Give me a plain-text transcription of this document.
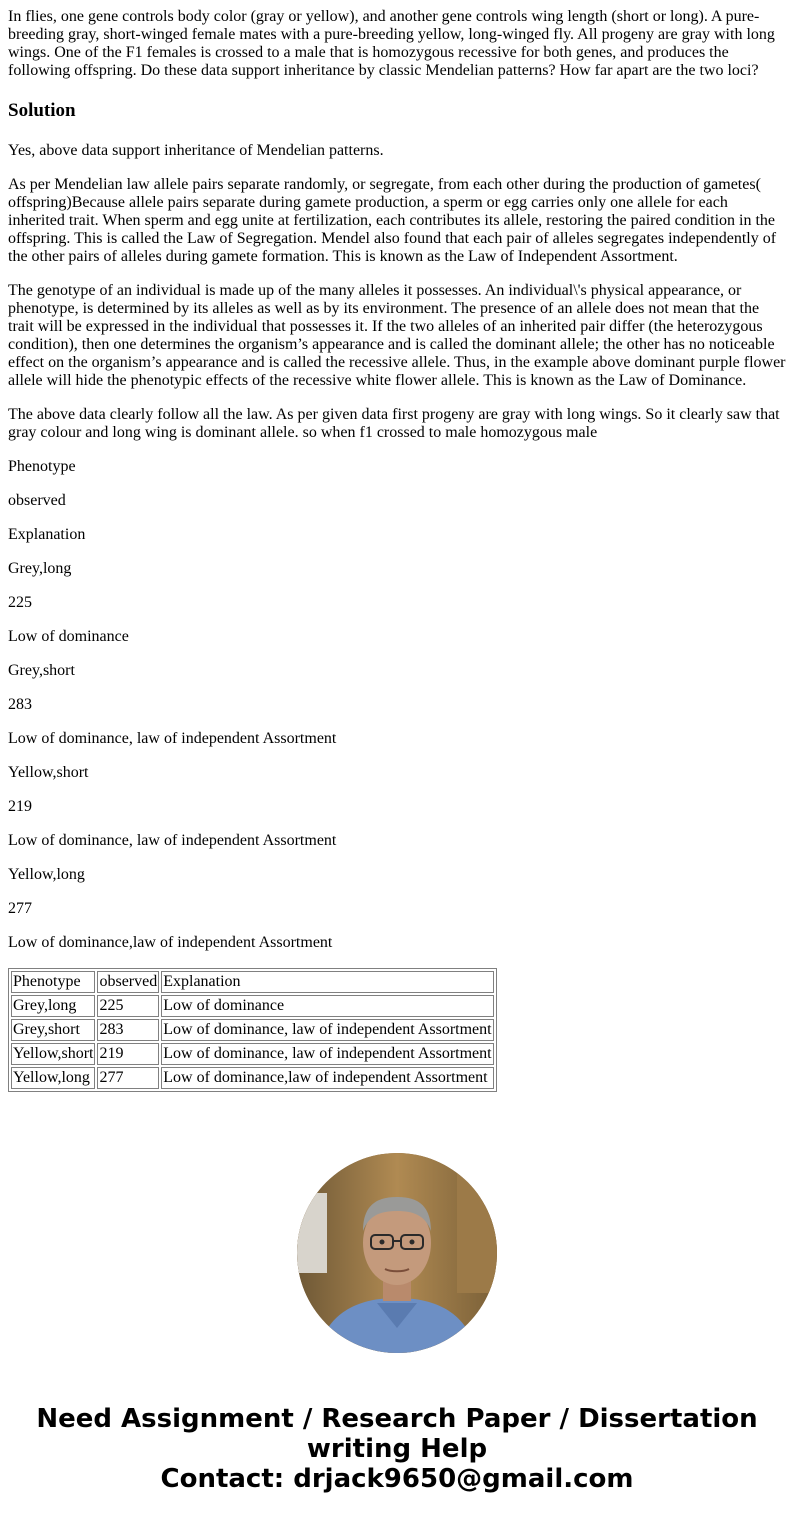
In flies, one gene controls body color (gray or yellow), and another gene controls wing length (short or long). A pure-breeding gray, short-winged female mates with a pure-breeding yellow, long-winged fly. All progeny are gray with long wings. One of the F1 females is crossed to a male that is homozygous recessive for both genes, and produces the following offspring. Do these data support inheritance by classic Mendelian patterns? How far apart are the two loci?

Solution

Yes, above data support inheritance of Mendelian patterns.

As per Mendelian law allele pairs separate randomly, or segregate, from each other during the production of gametes( offspring)Because allele pairs separate during gamete production, a sperm or egg carries only one allele for each inherited trait. When sperm and egg unite at fertilization, each contributes its allele, restoring the paired condition in the offspring. This is called the Law of Segregation. Mendel also found that each pair of alleles segregates independently of the other pairs of alleles during gamete formation. This is known as the Law of Independent Assortment.

The genotype of an individual is made up of the many alleles it possesses. An individual\'s physical appearance, or phenotype, is determined by its alleles as well as by its environment. The presence of an allele does not mean that the trait will be expressed in the individual that possesses it. If the two alleles of an inherited pair differ (the heterozygous condition), then one determines the organism’s appearance and is called the dominant allele; the other has no noticeable effect on the organism’s appearance and is called the recessive allele. Thus, in the example above dominant purple flower allele will hide the phenotypic effects of the recessive white flower allele. This is known as the Law of Dominance.

The above data clearly follow all the law. As per given data first progeny are gray with long wings. So it clearly saw that gray colour and long wing is dominant allele. so when f1 crossed to male homozygous male

Phenotype

observed

Explanation

Grey,long

225

Low of dominance

Grey,short

283

Low of dominance, law of independent Assortment

Yellow,short

219

Low of dominance, law of independent Assortment

Yellow,long

277

Low of dominance,law of independent Assortment

Phenotype	observed	Explanation
Grey,long	225	Low of dominance
Grey,short	283	Low of dominance, law of independent Assortment
Yellow,short	219	Low of dominance, law of independent Assortment
Yellow,long	277	Low of dominance,law of independent Assortment
Need Assignment / Research Paper / Dissertation
writing Help
Contact: drjack9650@gmail.com
